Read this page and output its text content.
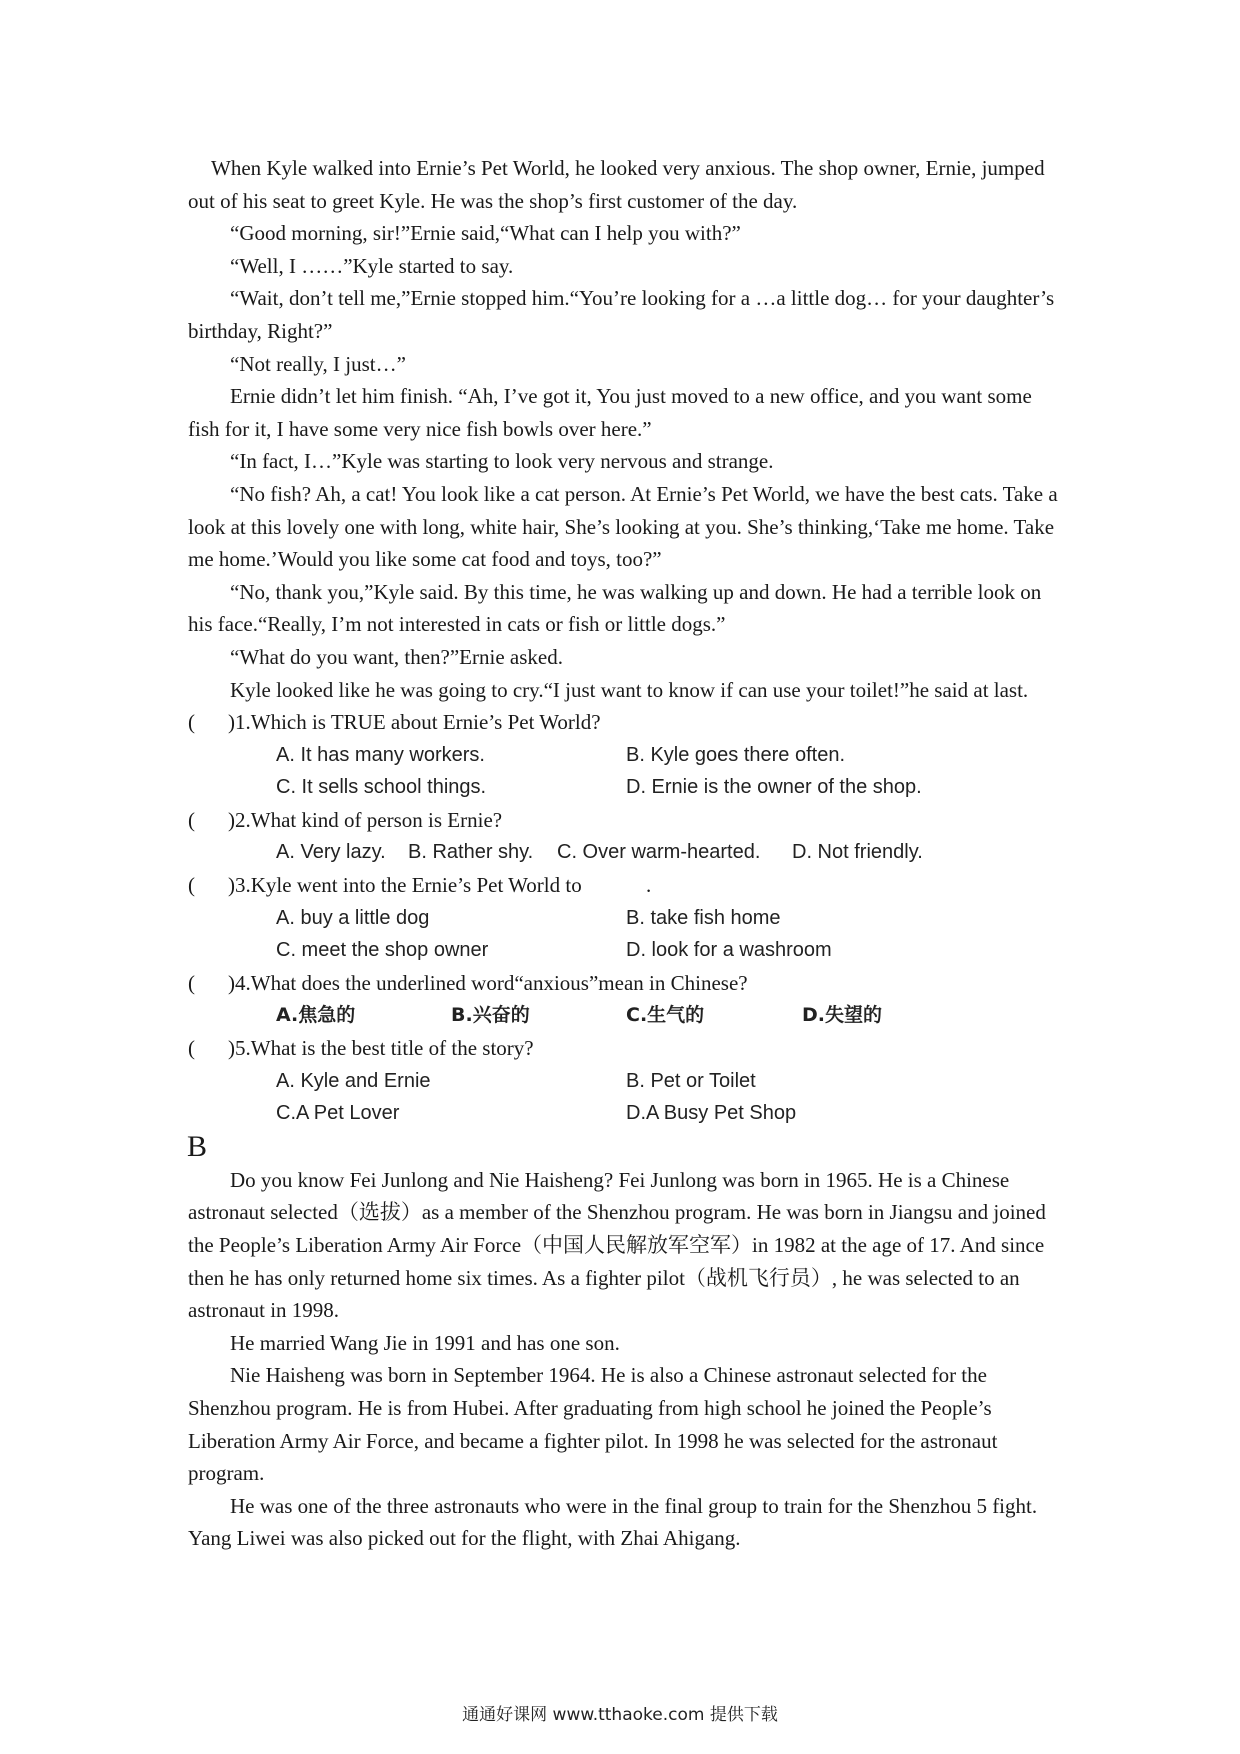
When Kyle walked into Ernie’s Pet World, he looked very anxious. The shop owner, Ernie, jumped out of his seat to greet Kyle. He was the shop’s first customer of the day.

“Good morning, sir!”Ernie said,“What can I help you with?”

“Well, I ……”Kyle started to say.

“Wait, don’t tell me,”Ernie stopped him.“You’re looking for a …a little dog… for your daughter’s birthday, Right?”

“Not really, I just…”

Ernie didn’t let him finish. “Ah, I’ve got it, You just moved to a new office, and you want some fish for it, I have some very nice fish bowls over here.”

“In fact, I…”Kyle was starting to look very nervous and strange.

“No fish? Ah, a cat! You look like a cat person. At Ernie’s Pet World, we have the best cats. Take a look at this lovely one with long, white hair, She’s looking at you. She’s thinking,‘Take me home. Take me home.’Would you like some cat food and toys, too?”

“No, thank you,”Kyle said. By this time, he was walking up and down. He had a terrible look on his face.“Really, I’m not interested in cats or fish or little dogs.”

“What do you want, then?”Ernie asked.

Kyle looked like he was going to cry.“I just want to know if can use your toilet!”he said at last.

( )1.Which is TRUE about Ernie’s Pet World?
A. It has many workers.	B. Kyle goes there often.
C. It sells school things.	D. Ernie is the owner of the shop.
( )2.What kind of person is Ernie?
A. Very lazy. B. Rather shy. C. Over warm-hearted. D. Not friendly.
( )3.Kyle went into the Ernie’s Pet World to	.
A. buy a little dog	B. take fish home
C. meet the shop owner	D. look for a washroom
( )4.What does the underlined word“anxious”mean in Chinese?
A.焦急的	B.兴奋的	C.生气的	D.失望的
( )5.What is the best title of the story?
A. Kyle and Ernie	B. Pet or Toilet
C.A Pet Lover	D.A Busy Pet Shop
B

Do you know Fei Junlong and Nie Haisheng? Fei Junlong was born in 1965. He is a Chinese astronaut selected（选拔）as a member of the Shenzhou program. He was born in Jiangsu and joined the People’s Liberation Army Air Force（中国人民解放军空军）in 1982 at the age of 17. And since then he has only returned home six times. As a fighter pilot（战机飞行员）, he was selected to an astronaut in 1998.

He married Wang Jie in 1991 and has one son.

Nie Haisheng was born in September 1964. He is also a Chinese astronaut selected for the Shenzhou program. He is from Hubei. After graduating from high school he joined the People’s Liberation Army Air Force, and became a fighter pilot. In 1998 he was selected for the astronaut program.

He was one of the three astronauts who were in the final group to train for the Shenzhou 5 fight. Yang Liwei was also picked out for the flight, with Zhai Ahigang.

通通好课网 www.tthaoke.com 提供下载
